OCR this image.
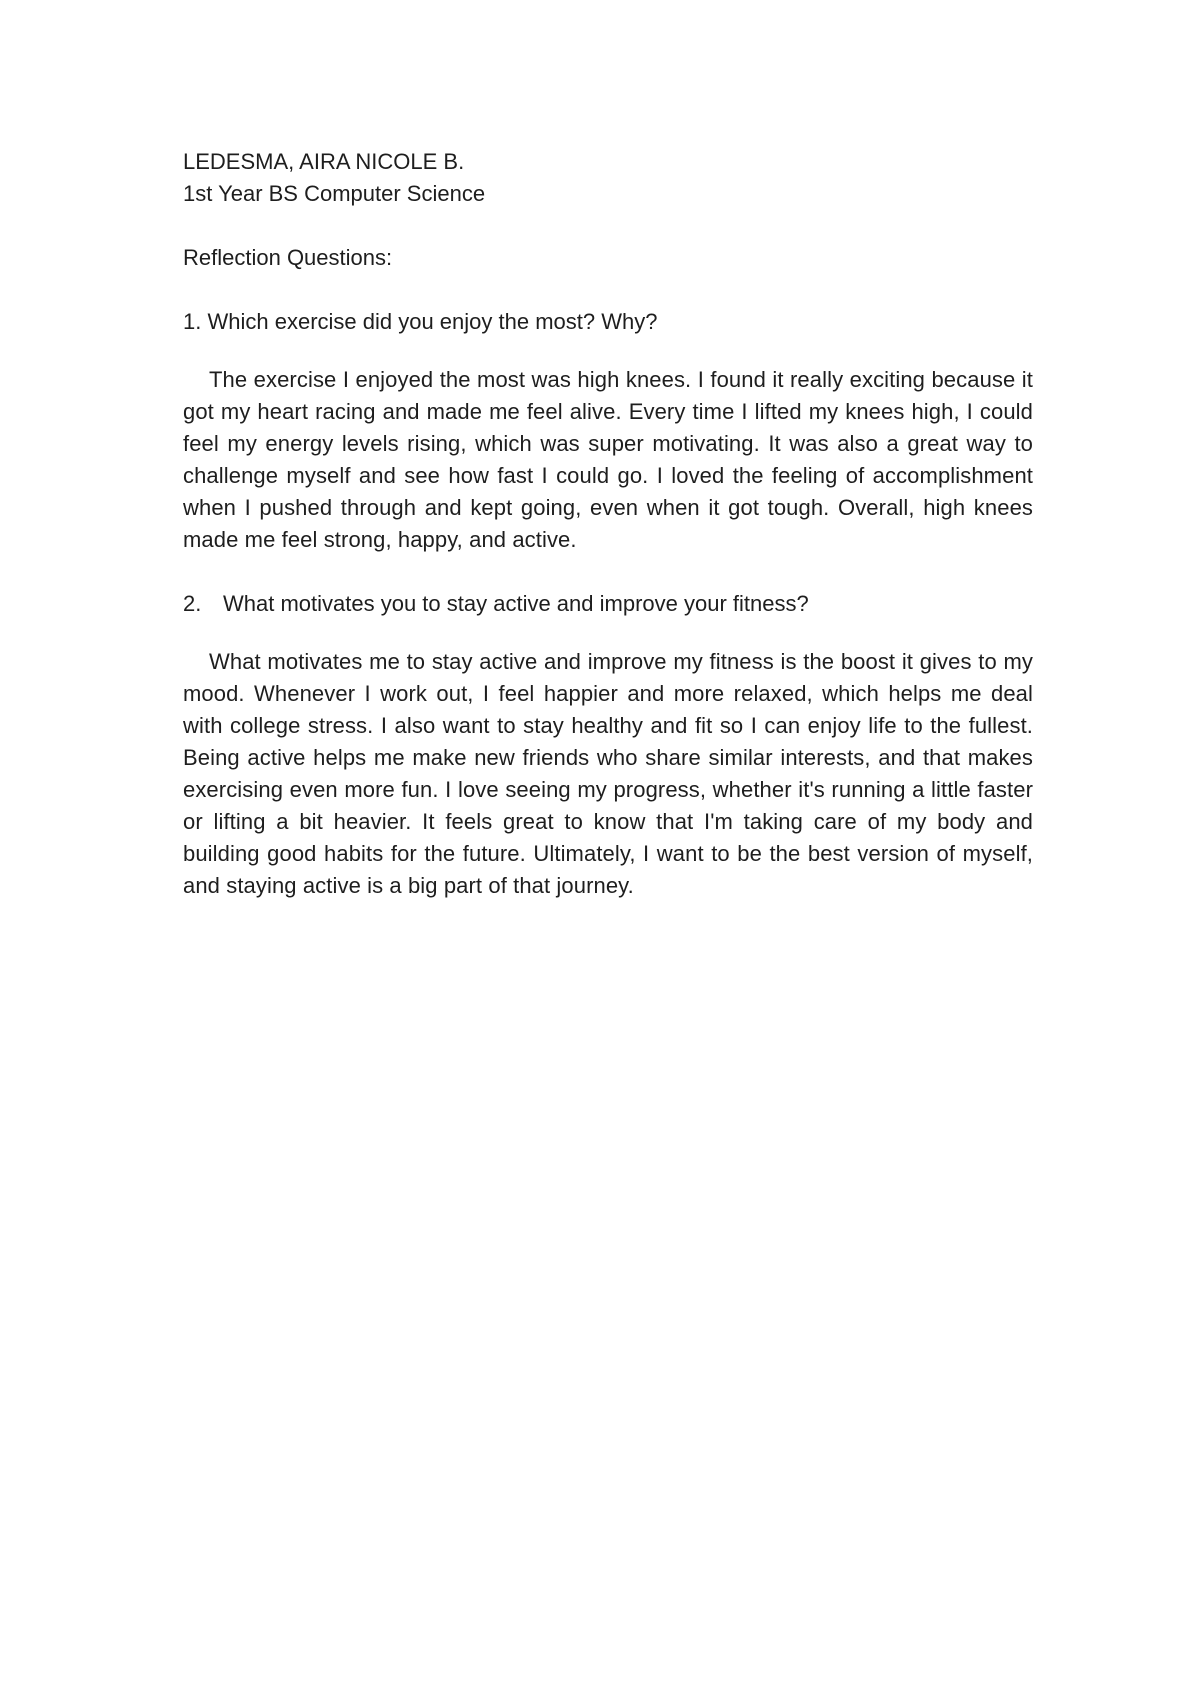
LEDESMA, AIRA NICOLE B.

1st Year BS Computer Science

Reflection Questions:

1. Which exercise did you enjoy the most? Why?

The exercise I enjoyed the most was high knees. I found it really exciting because it got my heart racing and made me feel alive. Every time I lifted my knees high, I could feel my energy levels rising, which was super motivating. It was also a great way to challenge myself and see how fast I could go. I loved the feeling of accomplishment when I pushed through and kept going, even when it got tough. Overall, high knees made me feel strong, happy, and active.

2. What motivates you to stay active and improve your fitness?

What motivates me to stay active and improve my fitness is the boost it gives to my mood. Whenever I work out, I feel happier and more relaxed, which helps me deal with college stress. I also want to stay healthy and fit so I can enjoy life to the fullest. Being active helps me make new friends who share similar interests, and that makes exercising even more fun. I love seeing my progress, whether it's running a little faster or lifting a bit heavier. It feels great to know that I'm taking care of my body and building good habits for the future. Ultimately, I want to be the best version of myself, and staying active is a big part of that journey.
